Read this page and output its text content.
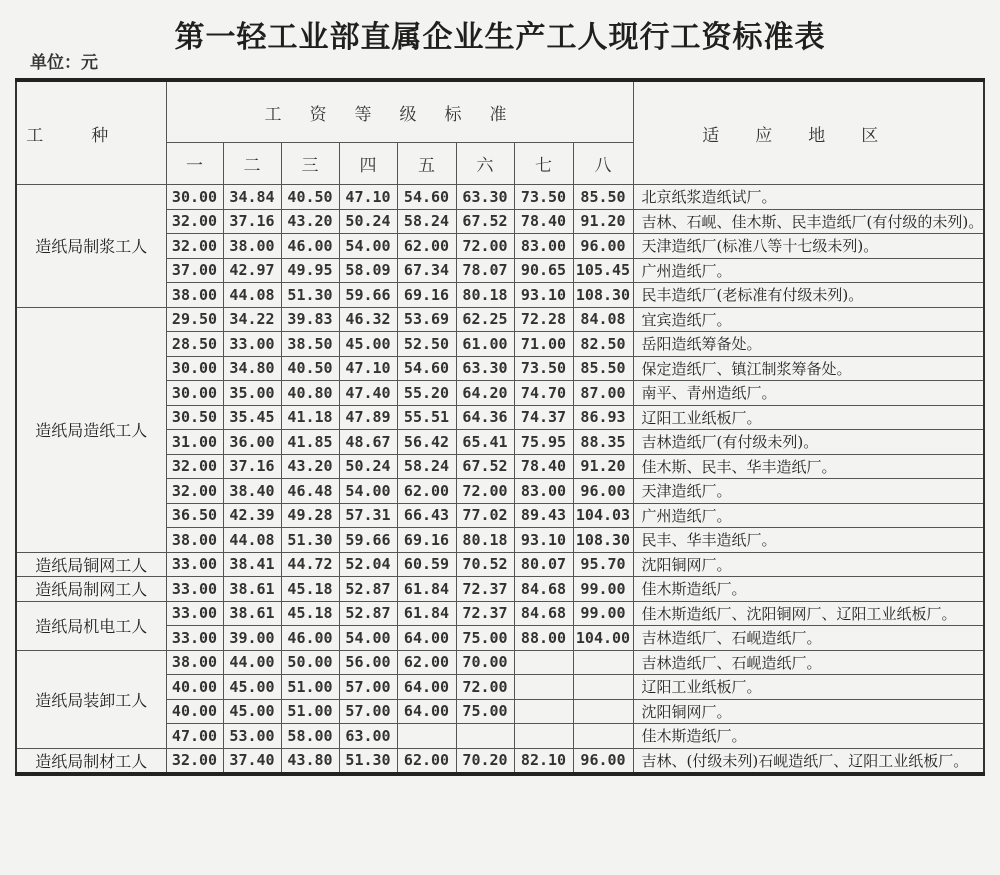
第一轻工业部直属企业生产工人现行工资标准表
单位：元
工种	工资等级标准								适应地区
	一	二	三	四	五	六	七	八	
造纸局制浆工人	30.00	34.84	40.50	47.10	54.60	63.30	73.50	85.50	北京纸浆造纸试厂。
	32.00	37.16	43.20	50.24	58.24	67.52	78.40	91.20	吉林、石岘、佳木斯、民丰造纸厂(有付级的未列)。
	32.00	38.00	46.00	54.00	62.00	72.00	83.00	96.00	天津造纸厂(标准八等十七级未列)。
	37.00	42.97	49.95	58.09	67.34	78.07	90.65	105.45	广州造纸厂。
	38.00	44.08	51.30	59.66	69.16	80.18	93.10	108.30	民丰造纸厂(老标准有付级未列)。
造纸局造纸工人	29.50	34.22	39.83	46.32	53.69	62.25	72.28	84.08	宜宾造纸厂。
	28.50	33.00	38.50	45.00	52.50	61.00	71.00	82.50	岳阳造纸筹备处。
	30.00	34.80	40.50	47.10	54.60	63.30	73.50	85.50	保定造纸厂、镇江制浆筹备处。
	30.00	35.00	40.80	47.40	55.20	64.20	74.70	87.00	南平、青州造纸厂。
	30.50	35.45	41.18	47.89	55.51	64.36	74.37	86.93	辽阳工业纸板厂。
	31.00	36.00	41.85	48.67	56.42	65.41	75.95	88.35	吉林造纸厂(有付级未列)。
	32.00	37.16	43.20	50.24	58.24	67.52	78.40	91.20	佳木斯、民丰、华丰造纸厂。
	32.00	38.40	46.48	54.00	62.00	72.00	83.00	96.00	天津造纸厂。
	36.50	42.39	49.28	57.31	66.43	77.02	89.43	104.03	广州造纸厂。
	38.00	44.08	51.30	59.66	69.16	80.18	93.10	108.30	民丰、华丰造纸厂。
造纸局铜网工人	33.00	38.41	44.72	52.04	60.59	70.52	80.07	95.70	沈阳铜网厂。
造纸局制网工人	33.00	38.61	45.18	52.87	61.84	72.37	84.68	99.00	佳木斯造纸厂。
造纸局机电工人	33.00	38.61	45.18	52.87	61.84	72.37	84.68	99.00	佳木斯造纸厂、沈阳铜网厂、辽阳工业纸板厂。
	33.00	39.00	46.00	54.00	64.00	75.00	88.00	104.00	吉林造纸厂、石岘造纸厂。
造纸局装卸工人	38.00	44.00	50.00	56.00	62.00	70.00			吉林造纸厂、石岘造纸厂。
	40.00	45.00	51.00	57.00	64.00	72.00			辽阳工业纸板厂。
	40.00	45.00	51.00	57.00	64.00	75.00			沈阳铜网厂。
	47.00	53.00	58.00	63.00					佳木斯造纸厂。
造纸局制材工人	32.00	37.40	43.80	51.30	62.00	70.20	82.10	96.00	吉林、(付级未列)石岘造纸厂、辽阳工业纸板厂。
